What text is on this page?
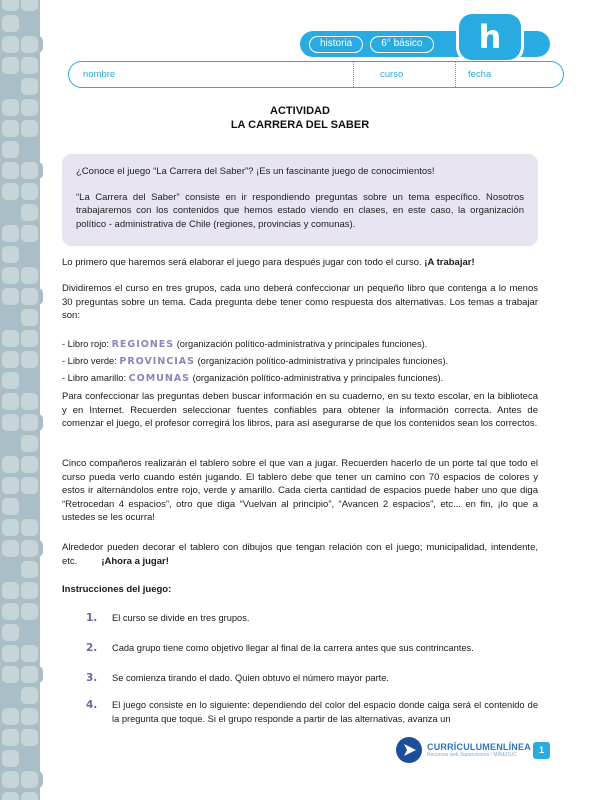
historia	6° básico	h
nombre	curso	fecha
ACTIVIDAD
LA CARRERA DEL SABER

¿Conoce el juego “La Carrera del Saber”? ¡Es un fascinante juego de conocimientos!

“La Carrera del Saber” consiste en ir respondiendo preguntas sobre un tema específico. Nosotros trabajaremos con los contenidos que hemos estado viendo en clases, en este caso, la organización político - administrativa de Chile (regiones, provincias y comunas).

Lo primero que haremos será elaborar el juego para después jugar con todo el curso. ¡A trabajar!

Dividiremos el curso en tres grupos, cada uno deberá confeccionar un pequeño libro que contenga a lo menos 30 preguntas sobre un tema. Cada pregunta debe tener como respuesta dos alternativas. Los temas a trabajar son:

- Libro rojo: REGIONES (organización político-administrativa y principales funciones).
- Libro verde: PROVINCIAS (organización político-administrativa y principales funciones).
- Libro amarillo: COMUNAS (organización político-administrativa y principales funciones).

Para confeccionar las preguntas deben buscar información en su cuaderno, en su texto escolar, en la biblioteca y en Internet. Recuerden seleccionar fuentes confiables para obtener la información correcta. Antes de comenzar el juego, el profesor corregirá los libros, para así asegurarse de que los contenidos sean los correctos.

Cinco compañeros realizarán el tablero sobre el que van a jugar. Recuerden hacerlo de un porte tal que todo el curso pueda verlo cuando estén jugando. El tablero debe que tener un camino con 70 espacios de colores y estos ir alternándolos entre rojo, verde y amarillo. Cada cierta cantidad de espacios puede haber uno que diga “Retrocedan 4 espacios”, otro que diga “Vuelvan al principio”, “Avancen 2 espacios”, etc... en fin, ¡lo que a ustedes se les ocurra!

Alrededor pueden decorar el tablero con dibujos que tengan relación con el juego; municipalidad, intendente, etc.	¡Ahora a jugar!

Instrucciones del juego:

1.	El curso se divide en tres grupos.
2.	Cada grupo tiene como objetivo llegar al final de la carrera antes que sus contrincantes.
3.	Se comienza tirando el dado. Quien obtuvo el número mayor parte.
4.	El juego consiste en lo siguiente: dependiendo del color del espacio donde caiga será el contenido de la pregunta que toque. Si el grupo responde a partir de las alternativas, avanza un
CURRÍCULUMENLÍNEA
Recursos web Supervisores / MINEDUC	1
